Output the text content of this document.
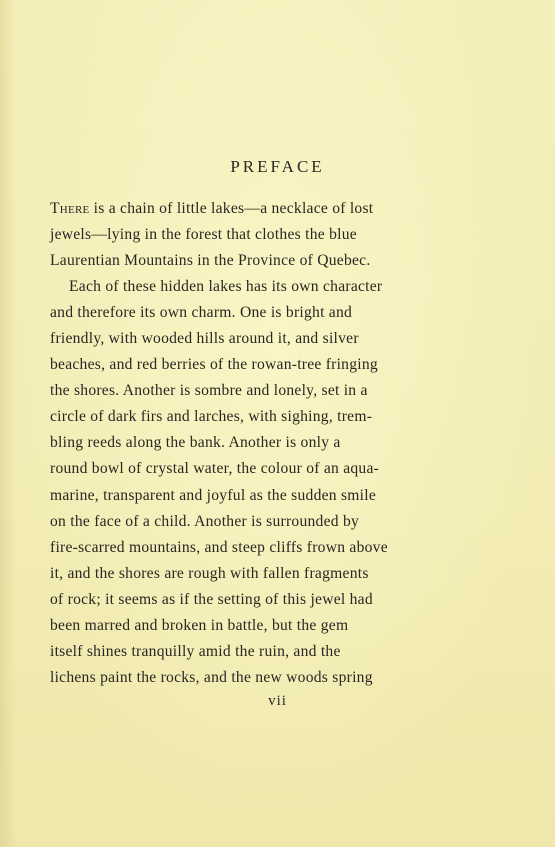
PREFACE
There is a chain of little lakes—a necklace of lost
jewels—lying in the forest that clothes the blue
Laurentian Mountains in the Province of Quebec.
Each of these hidden lakes has its own character
and therefore its own charm. One is bright and
friendly, with wooded hills around it, and silver
beaches, and red berries of the rowan-tree fringing
the shores. Another is sombre and lonely, set in a
circle of dark firs and larches, with sighing, trem-
bling reeds along the bank. Another is only a
round bowl of crystal water, the colour of an aqua-
marine, transparent and joyful as the sudden smile
on the face of a child. Another is surrounded by
fire-scarred mountains, and steep cliffs frown above
it, and the shores are rough with fallen fragments
of rock; it seems as if the setting of this jewel had
been marred and broken in battle, but the gem
itself shines tranquilly amid the ruin, and the
lichens paint the rocks, and the new woods spring
vii
